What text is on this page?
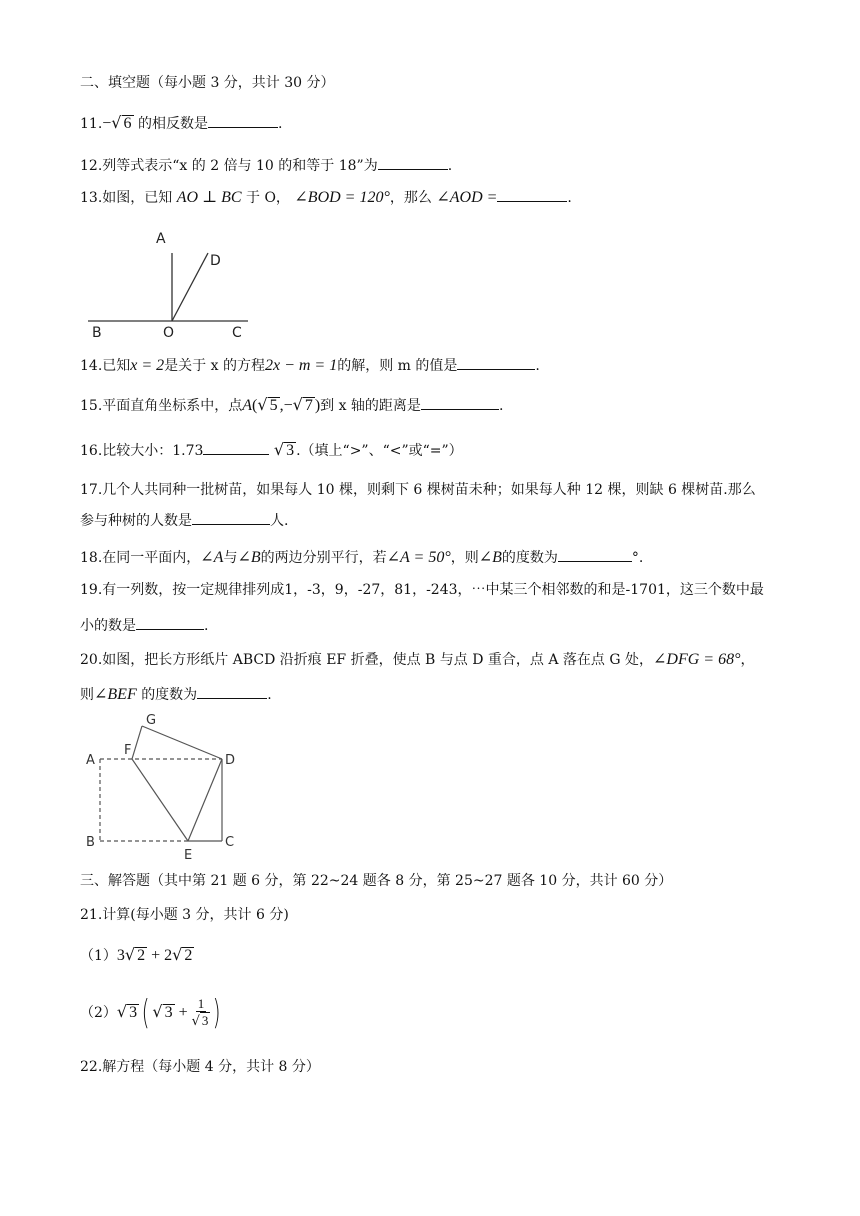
二、填空题（每小题 3 分，共计 30 分）
11.−√ 6 的相反数是	.
12.列等式表示“x 的 2 倍与 10 的和等于 18”为	.
13.如图，已知 AO ⊥ BC 于 O， ∠BOD = 120°，那么 ∠AOD =	.
A
D
B	O	C
14.已知x = 2是关于 x 的方程2x − m = 1的解，则 m 的值是	.
15.平面直角坐标系中，点A(√ 5 ,−√ 7 )到 x 轴的距离是	.
16.比较大小：1.73	√ 3 .（填上“>”、“<”或“=”）
17.几个人共同种一批树苗，如果每人 10 棵，则剩下 6 棵树苗未种；如果每人种 12 棵，则缺 6 棵树苗.那么
参与种树的人数是	人.
18.在同一平面内，∠A与∠B的两边分别平行，若∠A = 50°，则∠B的度数为	°.
19.有一列数，按一定规律排列成1，-3，9，-27，81，-243，⋯中某三个相邻数的和是-1701，这三个数中最
小的数是	.
20.如图，把长方形纸片 ABCD 沿折痕 EF 折叠，使点 B 与点 D 重合，点 A 落在点 G 处，∠DFG = 68°，
则∠BEF 的度数为	.
G
F
A	D
B
E
C
三、解答题（其中第 21 题 6 分，第 22~24 题各 8 分，第 25~27 题各 10 分，共计 60 分）
21.计算(每小题 3 分，共计 6 分)
（1）3√ 2 + 2√ 2
（2）√ 3 ( √ $3 + \frac{1}{√ 3}$ )
22.解方程（每小题 4 分，共计 8 分）
